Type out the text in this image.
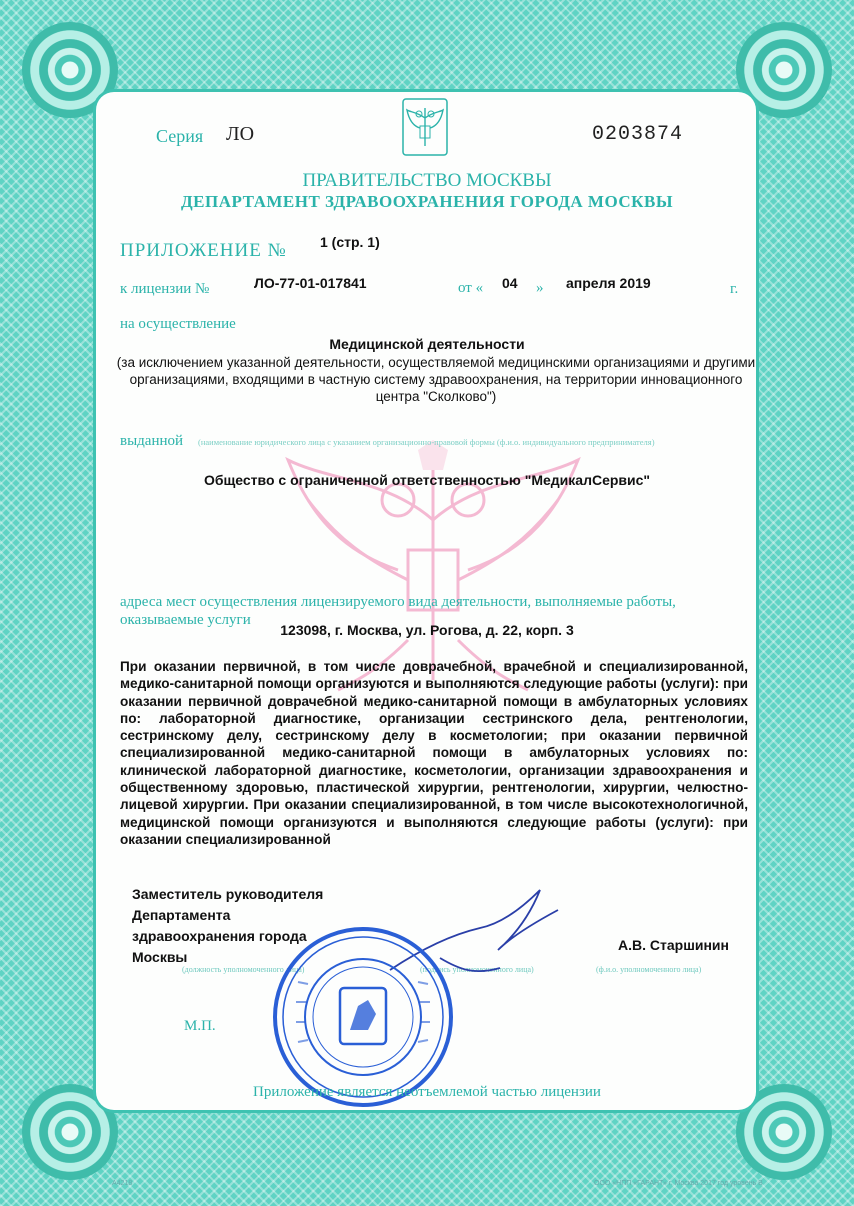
Серия ЛО	0203874
ПРАВИТЕЛЬСТВО МОСКВЫ
ДЕПАРТАМЕНТ ЗДРАВООХРАНЕНИЯ ГОРОДА МОСКВЫ
ПРИЛОЖЕНИЕ № 1 (стр. 1)
к лицензии №	ЛО-77-01-017841	от « 04 » апреля 2019	г.
на осуществление
Медицинской деятельности
(за исключением указанной деятельности, осуществляемой медицинскими организациями и другими организациями, входящими в частную систему здравоохранения, на территории инновационного центра "Сколково")
выданной (наименование юридического лица с указанием организационно-правовой формы (ф.и.о. индивидуального предпринимателя)
Общество с ограниченной ответственностью "МедикалСервис"
адреса мест осуществления лицензируемого вида деятельности, выполняемые работы, оказываемые услуги
123098, г. Москва, ул. Рогова, д. 22, корп. 3
При оказании первичной, в том числе доврачебной, врачебной и специализированной, медико-санитарной помощи организуются и выполняются следующие работы (услуги): при оказании первичной доврачебной медико-санитарной помощи в амбулаторных условиях по: лабораторной диагностике, организации сестринского дела, рентгенологии, сестринскому делу, сестринскому делу в косметологии; при оказании первичной специализированной медико-санитарной помощи в амбулаторных условиях по: клинической лабораторной диагностике, косметологии, организации здравоохранения и общественному здоровью, пластической хирургии, рентгенологии, хирургии, челюстно-лицевой хирургии. При оказании специализированной, в том числе высокотехнологичной, медицинской помощи организуются и выполняются следующие работы (услуги): при оказании специализированной
Заместитель руководителя
Департамента
здравоохранения города
Москвы
А.В. Старшинин
(должность уполномоченного лица)	(подпись уполномоченного лица)	(ф.и.о. уполномоченного лица)
М.П.
Приложение является неотъемлемой частью лицензии
А4218	ООО «НПП «ГАРАНТ» г. Москва 2017 год уровень В
